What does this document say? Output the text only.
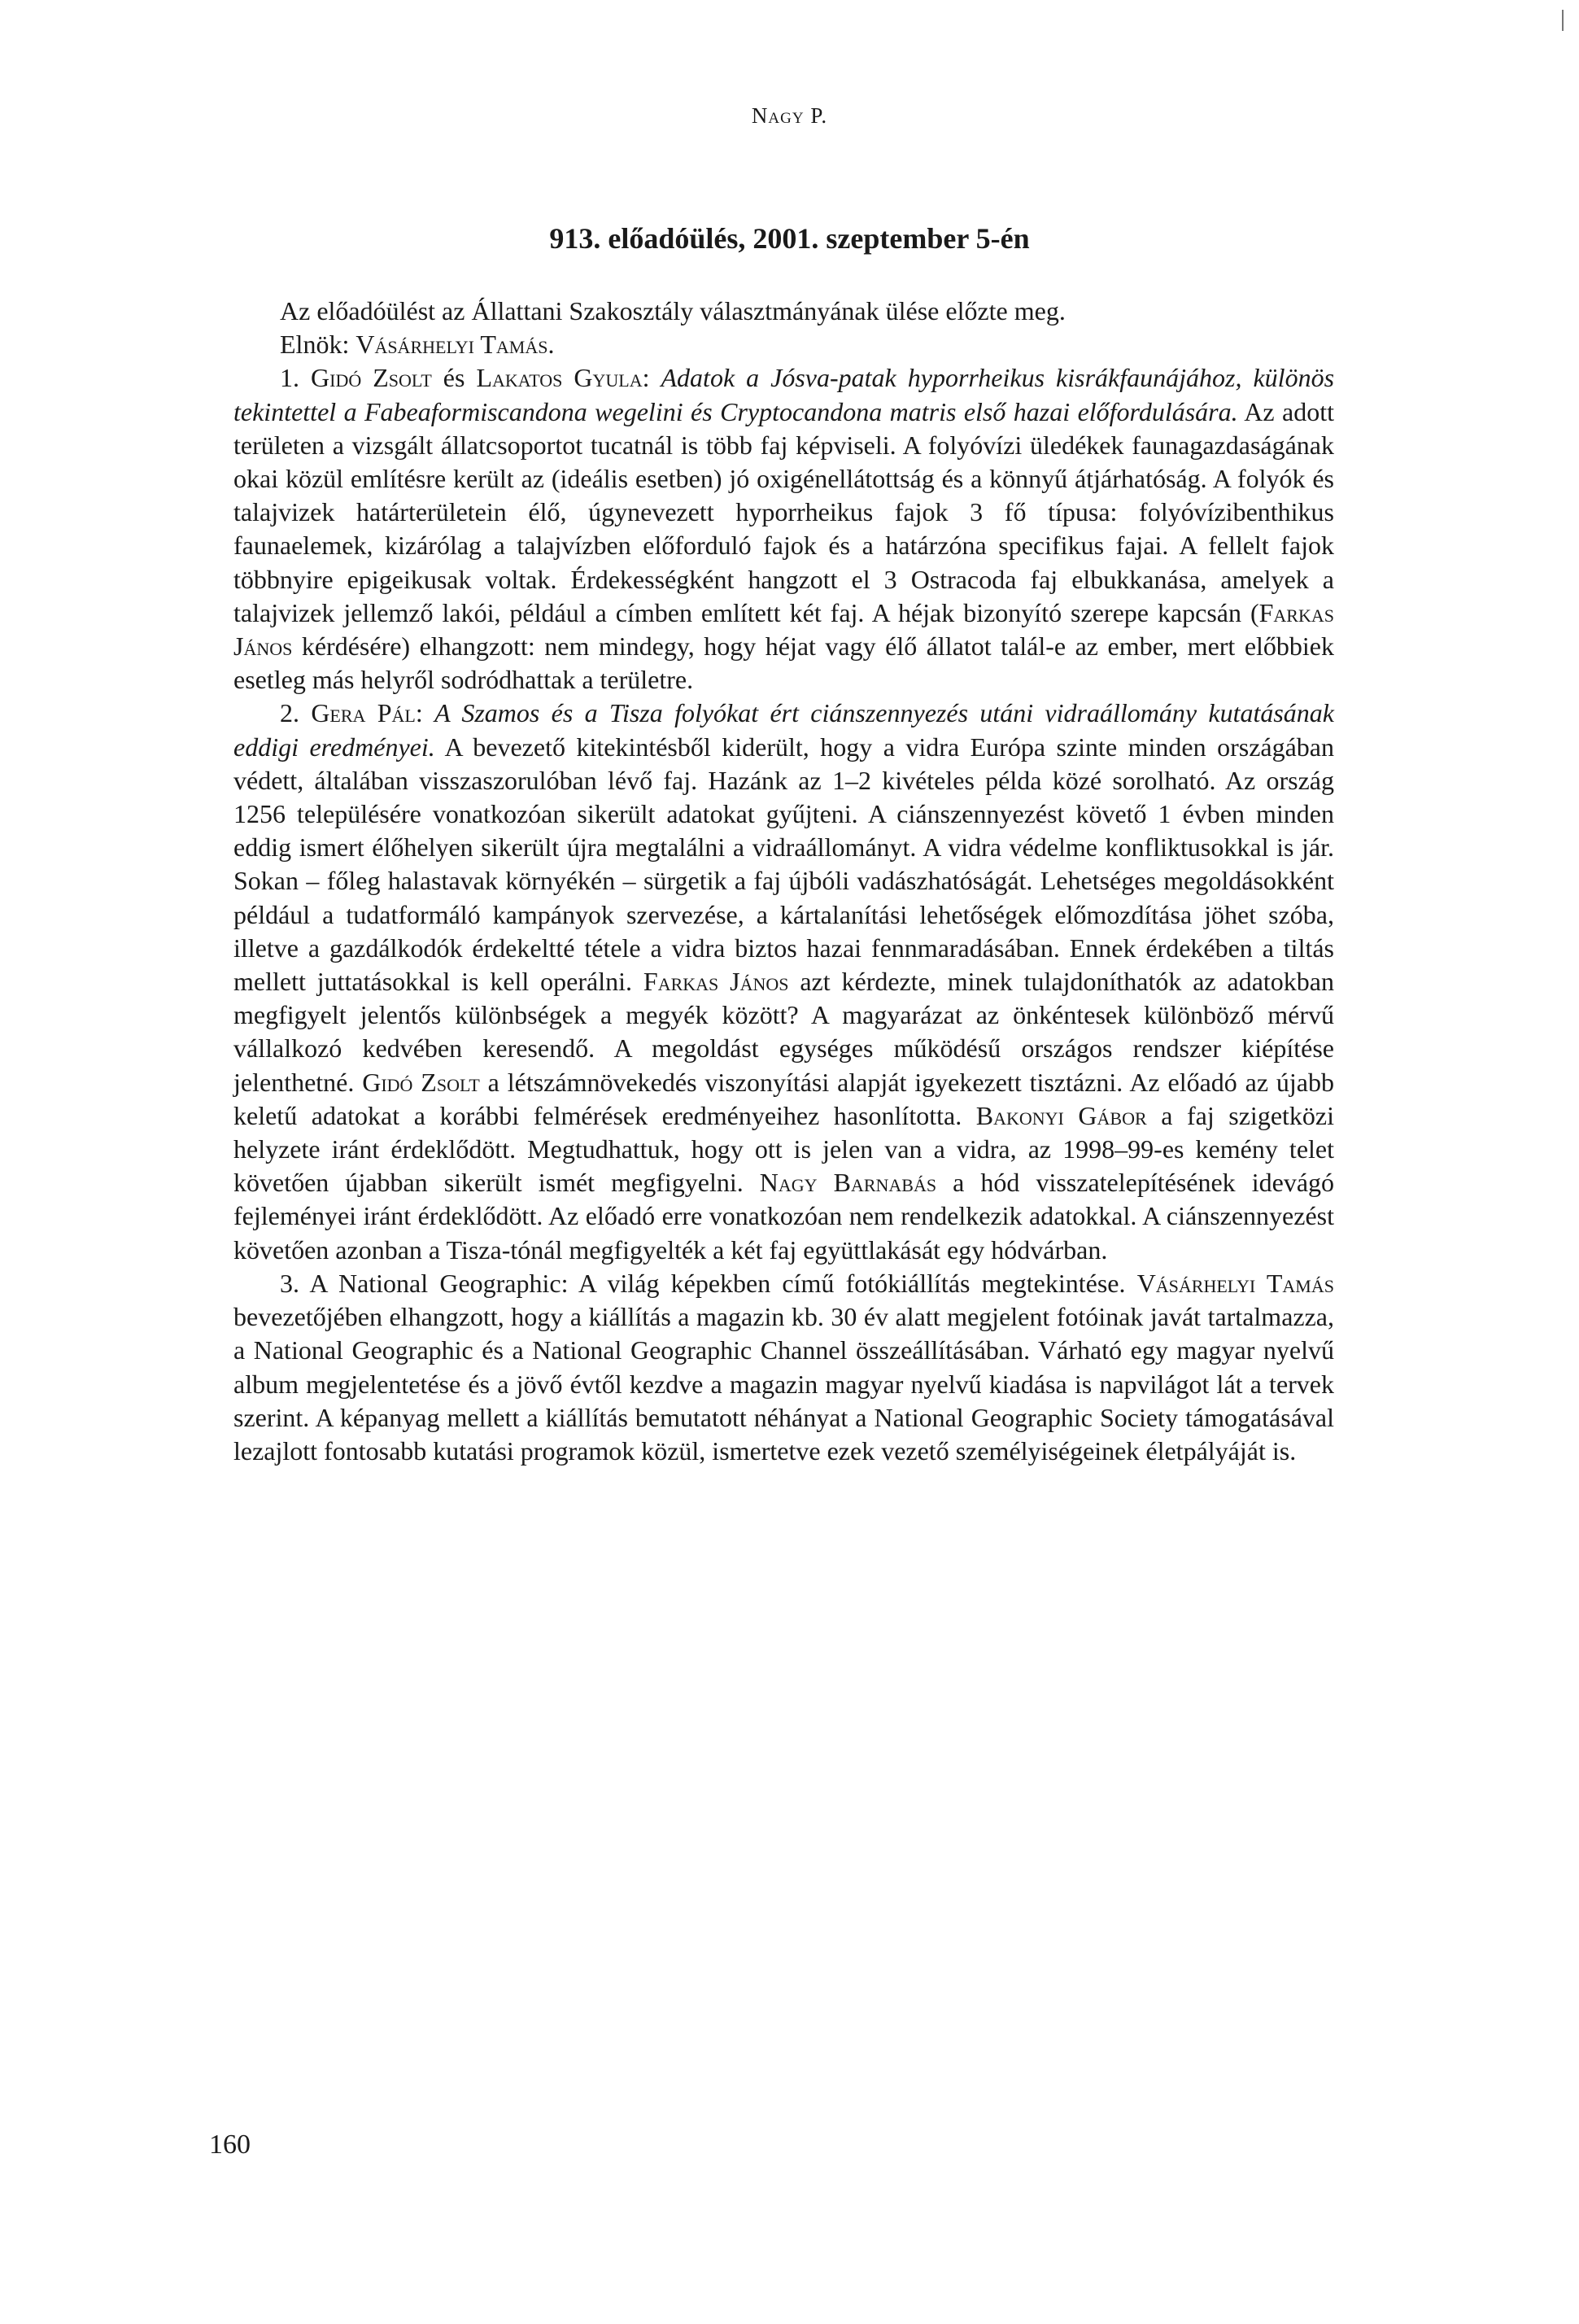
Nagy P.
913. előadóülés, 2001. szeptember 5-én

Az előadóülést az Állattani Szakosztály választmányának ülése előzte meg.

Elnök: Vásárhelyi Tamás.

1. Gidó Zsolt és Lakatos Gyula: Adatok a Jósva-patak hyporrheikus kisrákfaunájához, különös tekintettel a Fabeaformiscandona wegelini és Cryptocandona matris első hazai előfordulására. Az adott területen a vizsgált állatcsoportot tucatnál is több faj képviseli. A folyóvízi üledékek faunagazdaságának okai közül említésre került az (ideális esetben) jó oxigénellátottság és a könnyű átjárhatóság. A folyók és talajvizek határterületein élő, úgynevezett hyporrheikus fajok 3 fő típusa: folyóvízibenthikus faunaelemek, kizárólag a talajvízben előforduló fajok és a határzóna specifikus fajai. A fellelt fajok többnyire epigeikusak voltak. Érdekességként hangzott el 3 Ostracoda faj elbukkanása, amelyek a talajvizek jellemző lakói, például a címben említett két faj. A héjak bizonyító szerepe kapcsán (Farkas János kérdésére) elhangzott: nem mindegy, hogy héjat vagy élő állatot talál-e az ember, mert előbbiek esetleg más helyről sodródhattak a területre.

2. Gera Pál: A Szamos és a Tisza folyókat ért ciánszennyezés utáni vidraállomány kutatásának eddigi eredményei. A bevezető kitekintésből kiderült, hogy a vidra Európa szinte minden országában védett, általában visszaszorulóban lévő faj. Hazánk az 1–2 kivételes példa közé sorolható. Az ország 1256 településére vonatkozóan sikerült adatokat gyűjteni. A ciánszennyezést követő 1 évben minden eddig ismert élőhelyen sikerült újra megtalálni a vidraállományt. A vidra védelme konfliktusokkal is jár. Sokan – főleg halastavak környékén – sürgetik a faj újbóli vadászhatóságát. Lehetséges megoldásokként például a tudatformáló kampányok szervezése, a kártalanítási lehetőségek előmozdítása jöhet szóba, illetve a gazdálkodók érdekeltté tétele a vidra biztos hazai fennmaradásában. Ennek érdekében a tiltás mellett juttatásokkal is kell operálni. Farkas János azt kérdezte, minek tulajdoníthatók az adatokban megfigyelt jelentős különbségek a megyék között? A magyarázat az önkéntesek különböző mérvű vállalkozó kedvében keresendő. A megoldást egységes működésű országos rendszer kiépítése jelenthetné. Gidó Zsolt a létszámnövekedés viszonyítási alapját igyekezett tisztázni. Az előadó az újabb keletű adatokat a korábbi felmérések eredményeihez hasonlította. Bakonyi Gábor a faj szigetközi helyzete iránt érdeklődött. Megtudhattuk, hogy ott is jelen van a vidra, az 1998–99-es kemény telet követően újabban sikerült ismét megfigyelni. Nagy Barnabás a hód visszatelepítésének idevágó fejleményei iránt érdeklődött. Az előadó erre vonatkozóan nem rendelkezik adatokkal. A ciánszennyezést követően azonban a Tisza-tónál megfigyelték a két faj együttlakását egy hódvárban.

3. A National Geographic: A világ képekben című fotókiállítás megtekintése. Vásárhelyi Tamás bevezetőjében elhangzott, hogy a kiállítás a magazin kb. 30 év alatt megjelent fotóinak javát tartalmazza, a National Geographic és a National Geographic Channel összeállításában. Várható egy magyar nyelvű album megjelentetése és a jövő évtől kezdve a magazin magyar nyelvű kiadása is napvilágot lát a tervek szerint. A képanyag mellett a kiállítás bemutatott néhányat a National Geographic Society támogatásával lezajlott fontosabb kutatási programok közül, ismertetve ezek vezető személyiségeinek életpályáját is.

160
